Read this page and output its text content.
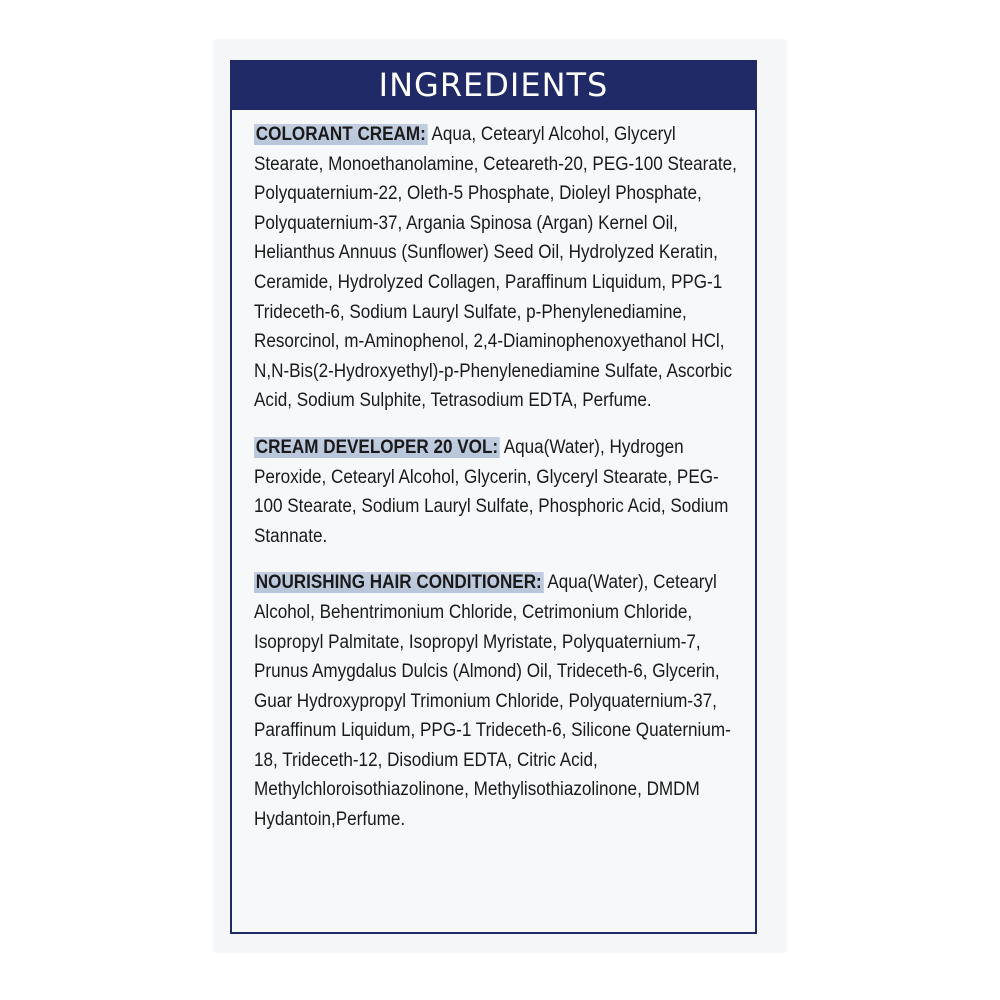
INGREDIENTS

COLORANT CREAM: Aqua, Cetearyl Alcohol, Glyceryl Stearate, Monoethanolamine, Ceteareth-20, PEG-100 Stearate, Polyquaternium-22, Oleth-5 Phosphate, Dioleyl Phosphate, Polyquaternium-37, Argania Spinosa (Argan) Kernel Oil, Helianthus Annuus (Sunflower) Seed Oil, Hydrolyzed Keratin, Ceramide, Hydrolyzed Collagen, Paraffinum Liquidum, PPG-1 Trideceth-6, Sodium Lauryl Sulfate, p-Phenylenediamine, Resorcinol, m-Aminophenol, 2,4-Diaminophenoxyethanol HCl, N,N-Bis(2-Hydroxyethyl)-p-Phenylenediamine Sulfate, Ascorbic Acid, Sodium Sulphite, Tetrasodium EDTA, Perfume.

CREAM DEVELOPER 20 VOL: Aqua(Water), Hydrogen Peroxide, Cetearyl Alcohol, Glycerin, Glyceryl Stearate, PEG-100 Stearate, Sodium Lauryl Sulfate, Phosphoric Acid, Sodium Stannate.

NOURISHING HAIR CONDITIONER: Aqua(Water), Cetearyl Alcohol, Behentrimonium Chloride, Cetrimonium Chloride, Isopropyl Palmitate, Isopropyl Myristate, Polyquaternium-7, Prunus Amygdalus Dulcis (Almond) Oil, Trideceth-6, Glycerin, Guar Hydroxypropyl Trimonium Chloride, Polyquaternium-37, Paraffinum Liquidum, PPG-1 Trideceth-6, Silicone Quaternium-18, Trideceth-12, Disodium EDTA, Citric Acid, Methylchloroisothiazolinone, Methylisothiazolinone, DMDM Hydantoin,Perfume.
